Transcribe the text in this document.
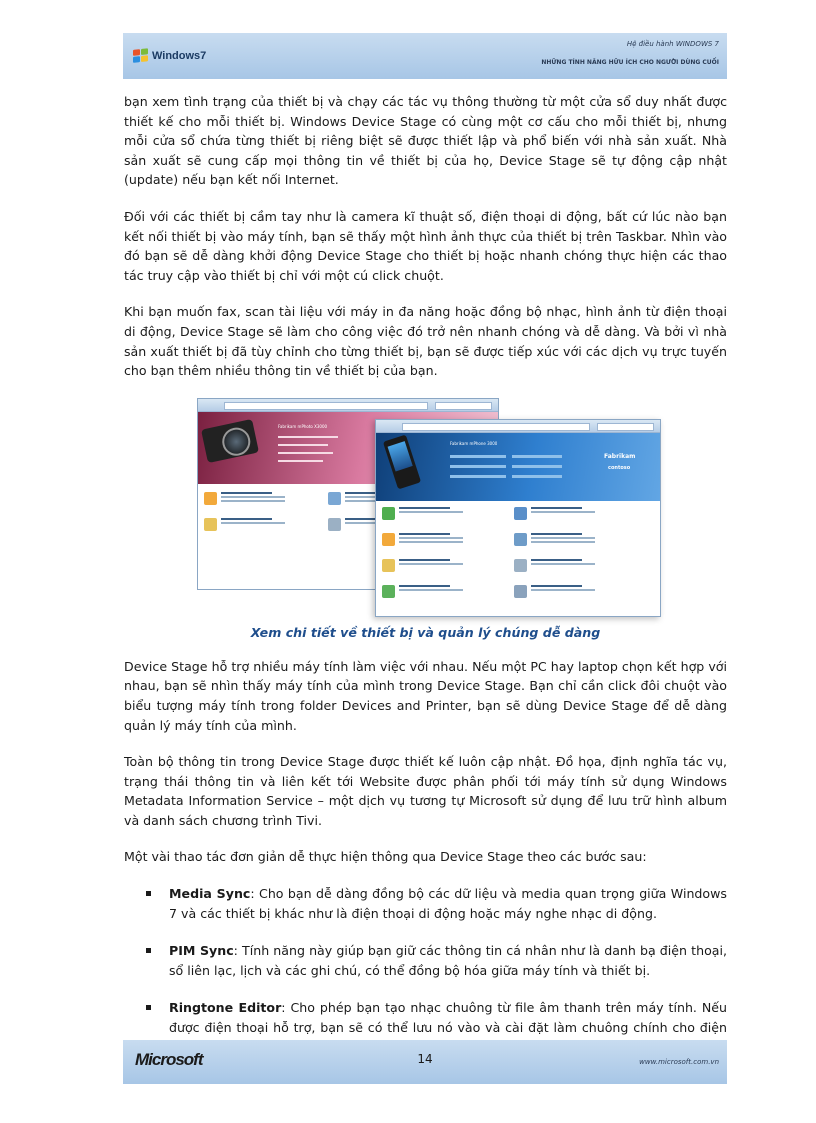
Windows7
Hệ điều hành WINDOWS 7
NHỮNG TÍNH NĂNG HỮU ÍCH CHO NGƯỜI DÙNG CUỐI

bạn xem tình trạng của thiết bị và chạy các tác vụ thông thường từ một cửa sổ duy nhất được thiết kế cho mỗi thiết bị. Windows Device Stage có cùng một cơ cấu cho mỗi thiết bị, nhưng mỗi cửa sổ chứa từng thiết bị riêng biệt sẽ được thiết lập và phổ biến với nhà sản xuất. Nhà sản xuất sẽ cung cấp mọi thông tin về thiết bị của họ, Device Stage sẽ tự động cập nhật (update) nếu bạn kết nối Internet.

Đối với các thiết bị cầm tay như là camera kĩ thuật số, điện thoại di động, bất cứ lúc nào bạn kết nối thiết bị vào máy tính, bạn sẽ thấy một hình ảnh thực của thiết bị trên Taskbar. Nhìn vào đó bạn sẽ dễ dàng khởi động Device Stage cho thiết bị hoặc nhanh chóng thực hiện các thao tác truy cập vào thiết bị chỉ với một cú click chuột.

Khi bạn muốn fax, scan tài liệu với máy in đa năng hoặc đồng bộ nhạc, hình ảnh từ điện thoại di động, Device Stage sẽ làm cho công việc đó trở nên nhanh chóng và dễ dàng. Và bởi vì nhà sản xuất thiết bị đã tùy chỉnh cho từng thiết bị, bạn sẽ được tiếp xúc với các dịch vụ trực tuyến cho bạn thêm nhiều thông tin về thiết bị của bạn.

Fabrikam mPhoto X3000
Fabrikam mPhone 3000
Fabrikam
contoso
Xem chi tiết về thiết bị và quản lý chúng dễ dàng

Device Stage hỗ trợ nhiều máy tính làm việc với nhau. Nếu một PC hay laptop chọn kết hợp với nhau, bạn sẽ nhìn thấy máy tính của mình trong Device Stage. Bạn chỉ cần click đôi chuột vào biểu tượng máy tính trong folder Devices and Printer, bạn sẽ dùng Device Stage để dễ dàng quản lý máy tính của mình.

Toàn bộ thông tin trong Device Stage được thiết kế luôn cập nhật. Đồ họa, định nghĩa tác vụ, trạng thái thông tin và liên kết tới Website được phân phối tới máy tính sử dụng Windows Metadata Information Service – một dịch vụ tương tự Microsoft sử dụng để lưu trữ hình album và danh sách chương trình Tivi.

Một vài thao tác đơn giản dễ thực hiện thông qua Device Stage theo các bước sau:

Media Sync: Cho bạn dễ dàng đồng bộ các dữ liệu và media quan trọng giữa Windows 7 và các thiết bị khác như là điện thoại di động hoặc máy nghe nhạc di động.
PIM Sync: Tính năng này giúp bạn giữ các thông tin cá nhân như là danh bạ điện thoại, sổ liên lạc, lịch và các ghi chú, có thể đồng bộ hóa giữa máy tính và thiết bị.
Ringtone Editor: Cho phép bạn tạo nhạc chuông từ file âm thanh trên máy tính. Nếu được điện thoại hỗ trợ, bạn sẽ có thể lưu nó vào và cài đặt làm chuông chính cho điện
Microsoft	14	www.microsoft.com.vn
